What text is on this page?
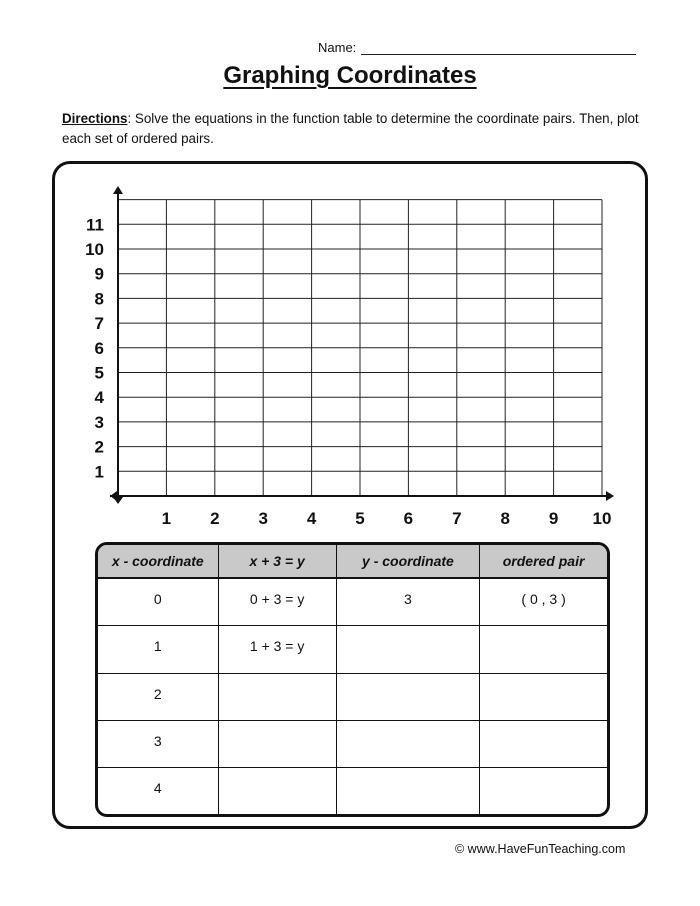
Name:
Graphing Coordinates
Directions: Solve the equations in the function table to determine the coordinate pairs. Then, plot each set of ordered pairs.
1 2 3 4 5 6 7 8 9 10
1
2
3
4
5
6
7
8
9
10
11
x - coordinate	x + 3 = y	y - coordinate	ordered pair
0	0 + 3 = y	3	( 0 , 3 )
1	1 + 3 = y		
2			
3			
4			
© www.HaveFunTeaching.com
